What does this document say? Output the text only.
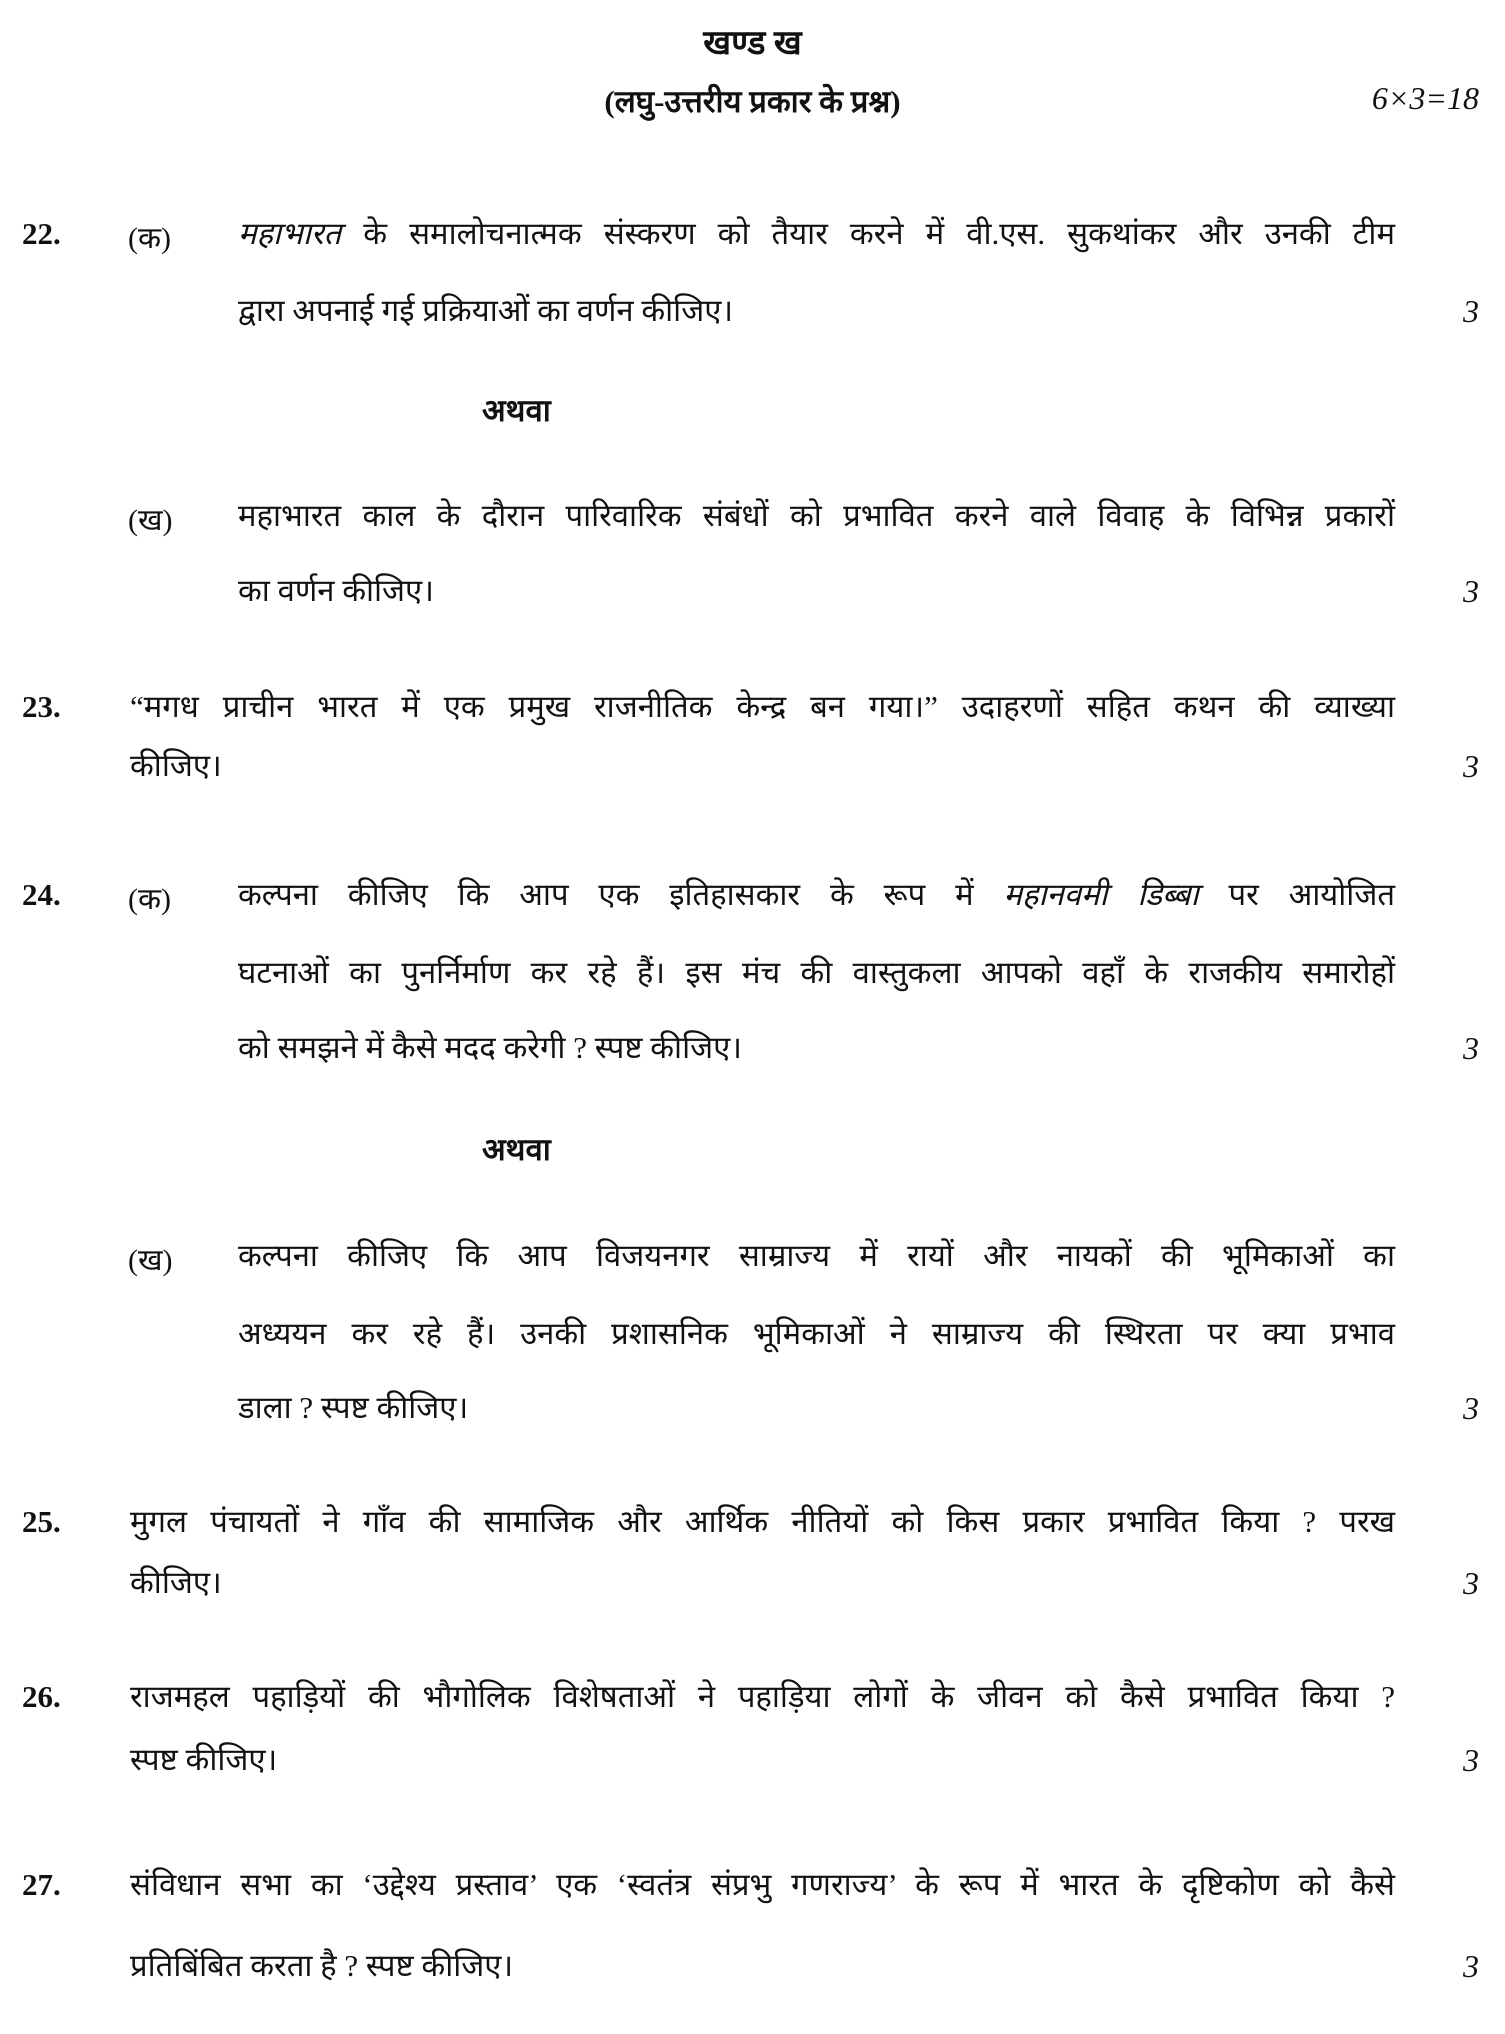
खण्ड ख
(लघु-उत्तरीय प्रकार के प्रश्न)	6×3=18
22. (क) महाभारत के समालोचनात्मक संस्करण को तैयार करने में वी.एस. सुकथांकर और उनकी टीम
द्वारा अपनाई गई प्रक्रियाओं का वर्णन कीजिए।	3
अथवा
(ख) महाभारत काल के दौरान पारिवारिक संबंधों को प्रभावित करने वाले विवाह के विभिन्न प्रकारों
का वर्णन कीजिए।	3
23. “मगध प्राचीन भारत में एक प्रमुख राजनीतिक केन्द्र बन गया।” उदाहरणों सहित कथन की व्याख्या
कीजिए।	3
24. (क) कल्पना कीजिए कि आप एक इतिहासकार के रूप में महानवमी डिब्बा पर आयोजित
घटनाओं का पुनर्निर्माण कर रहे हैं। इस मंच की वास्तुकला आपको वहाँ के राजकीय समारोहों
को समझने में कैसे मदद करेगी ? स्पष्ट कीजिए।	3
अथवा
(ख) कल्पना कीजिए कि आप विजयनगर साम्राज्य में रायों और नायकों की भूमिकाओं का
अध्ययन कर रहे हैं। उनकी प्रशासनिक भूमिकाओं ने साम्राज्य की स्थिरता पर क्या प्रभाव
डाला ? स्पष्ट कीजिए।	3
25. मुगल पंचायतों ने गाँव की सामाजिक और आर्थिक नीतियों को किस प्रकार प्रभावित किया ? परख
कीजिए।	3
26. राजमहल पहाड़ियों की भौगोलिक विशेषताओं ने पहाड़िया लोगों के जीवन को कैसे प्रभावित किया ?
स्पष्ट कीजिए।	3
27. संविधान सभा का ‘उद्देश्य प्रस्ताव’ एक ‘स्वतंत्र संप्रभु गणराज्य’ के रूप में भारत के दृष्टिकोण को कैसे
प्रतिबिंबित करता है ? स्पष्ट कीजिए।	3
